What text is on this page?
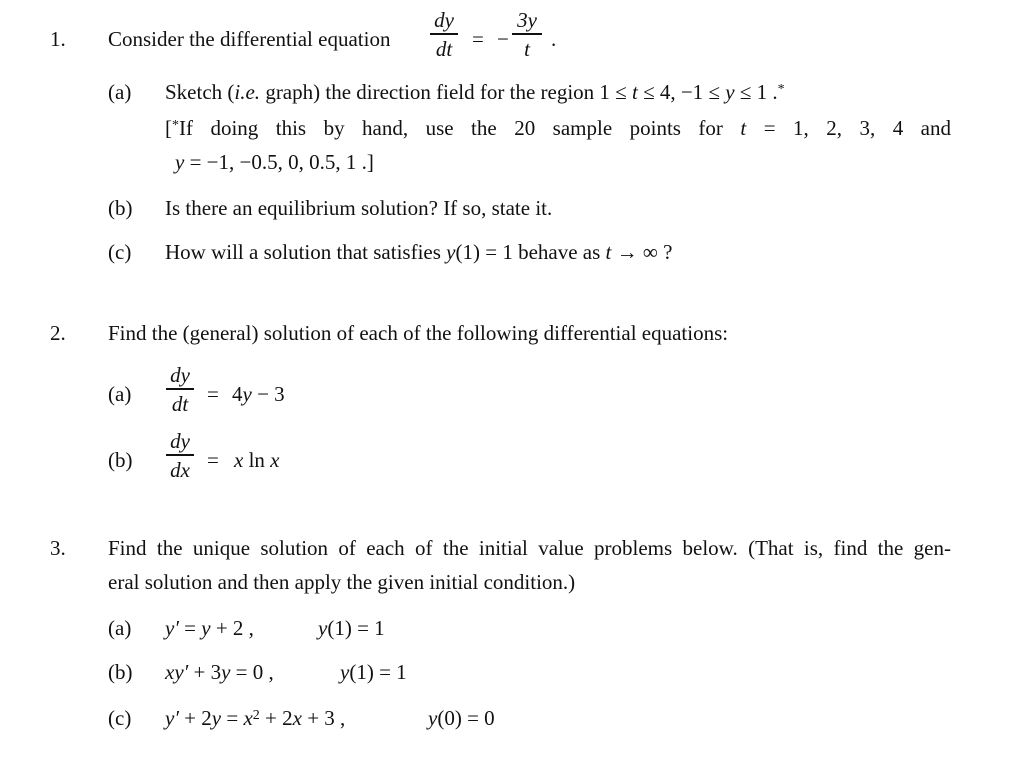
1. Consider the differential equation
dy
dt = −
3y
t	.
(a) Sketch (i.e. graph) the direction field for the region 1 ≤ t ≤ 4, −1 ≤ y ≤ 1 .*
[*If doing this by hand, use the 20 sample points for t = 1, 2, 3, 4 and
y = −1, −0.5, 0, 0.5, 1 .]
(b) Is there an equilibrium solution? If so, state it.
(c) How will a solution that satisfies y(1) = 1 behave as t → ∞ ?
2. Find the (general) solution of each of the following differential equations:
(a)
dy
dt = 4y − 3
(b)
dy
dx = x ln x
3. Find the unique solution of each of the initial value problems below. (That is, find the gen-
eral solution and then apply the given initial condition.)
(a) y′ = y + 2 ,	y(1) = 1
(b) xy′ + 3y = 0 ,	y(1) = 1
(c) $y' + 2y = x^2 + 2x + 3$ ,	y(0) = 0
